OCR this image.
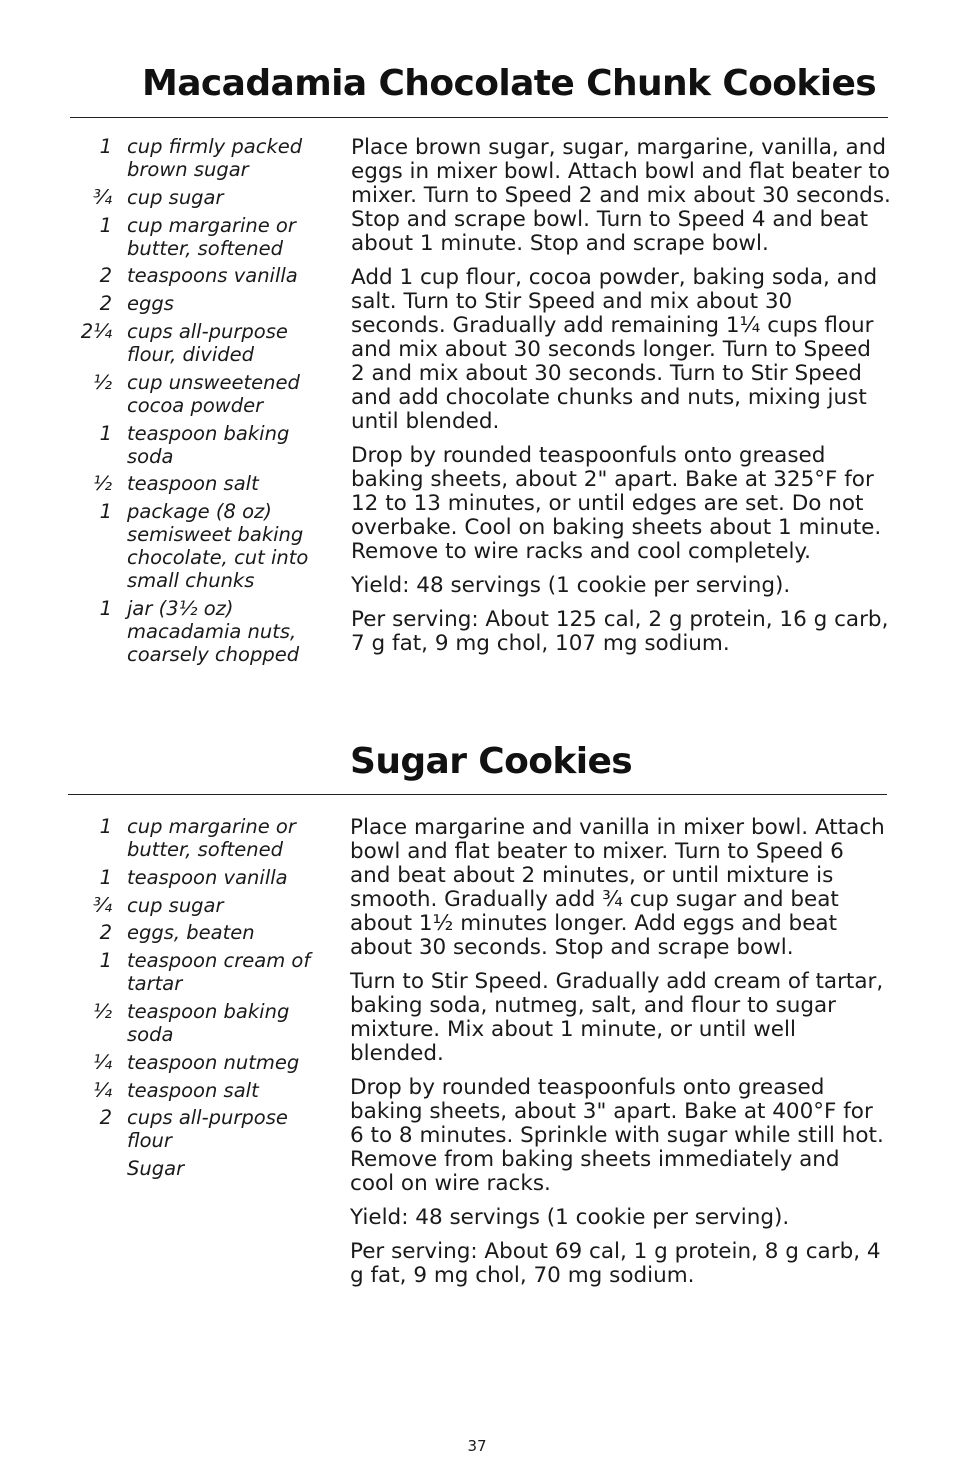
Macadamia Chocolate Chunk Cookies
1 cup firmly packed brown sugar
¾ cup sugar
1 cup margarine or butter, softened
2 teaspoons vanilla
2 eggs
2¼ cups all-purpose flour, divided
½ cup unsweetened cocoa powder
1 teaspoon baking soda
½ teaspoon salt
1 package (8 oz) semisweet baking chocolate, cut into small chunks
1 jar (3½ oz) macadamia nuts, coarsely chopped

Place brown sugar, sugar, margarine, vanilla, and eggs in mixer bowl. Attach bowl and flat beater to mixer. Turn to Speed 2 and mix about 30 seconds. Stop and scrape bowl. Turn to Speed 4 and beat about 1 minute. Stop and scrape bowl.

Add 1 cup flour, cocoa powder, baking soda, and salt. Turn to Stir Speed and mix about 30 seconds. Gradually add remaining 1¼ cups flour and mix about 30 seconds longer. Turn to Speed 2 and mix about 30 seconds. Turn to Stir Speed and add chocolate chunks and nuts, mixing just until blended.

Drop by rounded teaspoonfuls onto greased baking sheets, about 2" apart. Bake at 325°F for 12 to 13 minutes, or until edges are set. Do not overbake. Cool on baking sheets about 1 minute. Remove to wire racks and cool completely.

Yield: 48 servings (1 cookie per serving).

Per serving: About 125 cal, 2 g protein, 16 g carb, 7 g fat, 9 mg chol, 107 mg sodium.

Sugar Cookies
1 cup margarine or butter, softened
1 teaspoon vanilla
¾ cup sugar
2 eggs, beaten
1 teaspoon cream of tartar
½ teaspoon baking soda
¼ teaspoon nutmeg
¼ teaspoon salt
2 cups all-purpose flour
Sugar

Place margarine and vanilla in mixer bowl. Attach bowl and flat beater to mixer. Turn to Speed 6 and beat about 2 minutes, or until mixture is smooth. Gradually add ¾ cup sugar and beat about 1½ minutes longer. Add eggs and beat about 30 seconds. Stop and scrape bowl.

Turn to Stir Speed. Gradually add cream of tartar, baking soda, nutmeg, salt, and flour to sugar mixture. Mix about 1 minute, or until well blended.

Drop by rounded teaspoonfuls onto greased baking sheets, about 3" apart. Bake at 400°F for 6 to 8 minutes. Sprinkle with sugar while still hot. Remove from baking sheets immediately and cool on wire racks.

Yield: 48 servings (1 cookie per serving).

Per serving: About 69 cal, 1 g protein, 8 g carb, 4 g fat, 9 mg chol, 70 mg sodium.

37
